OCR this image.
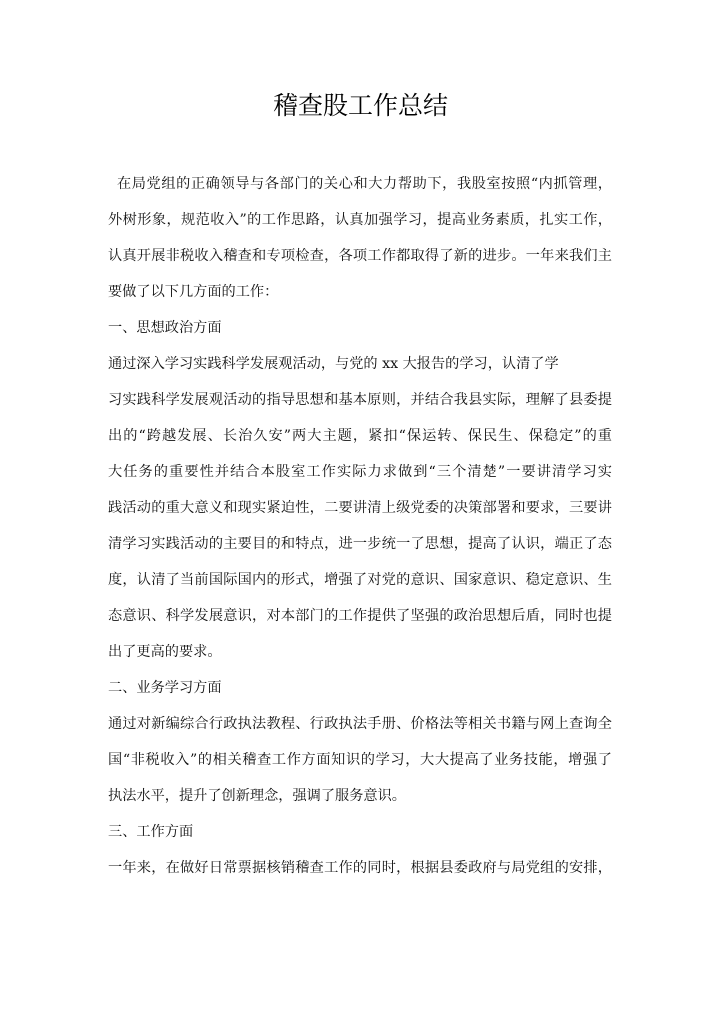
稽查股工作总结
在局党组的正确领导与各部门的关心和大力帮助下，我股室按照“内抓管理，
外树形象，规范收入”的工作思路，认真加强学习，提高业务素质，扎实工作，
认真开展非税收入稽查和专项检查，各项工作都取得了新的进步。一年来我们主
要做了以下几方面的工作：
一、思想政治方面
通过深入学习实践科学发展观活动，与党的 xx 大报告的学习，认清了学
习实践科学发展观活动的指导思想和基本原则，并结合我县实际，理解了县委提
出的“跨越发展、长治久安”两大主题，紧扣“保运转、保民生、保稳定”的重
大任务的重要性并结合本股室工作实际力求做到“三个清楚”一要讲清学习实
践活动的重大意义和现实紧迫性，二要讲清上级党委的决策部署和要求，三要讲
清学习实践活动的主要目的和特点，进一步统一了思想，提高了认识，端正了态
度，认清了当前国际国内的形式，增强了对党的意识、国家意识、稳定意识、生
态意识、科学发展意识，对本部门的工作提供了坚强的政治思想后盾，同时也提
出了更高的要求。
二、业务学习方面
通过对新编综合行政执法教程、行政执法手册、价格法等相关书籍与网上查询全
国“非税收入”的相关稽查工作方面知识的学习，大大提高了业务技能，增强了
执法水平，提升了创新理念，强调了服务意识。
三、工作方面
一年来，在做好日常票据核销稽查工作的同时，根据县委政府与局党组的安排，
